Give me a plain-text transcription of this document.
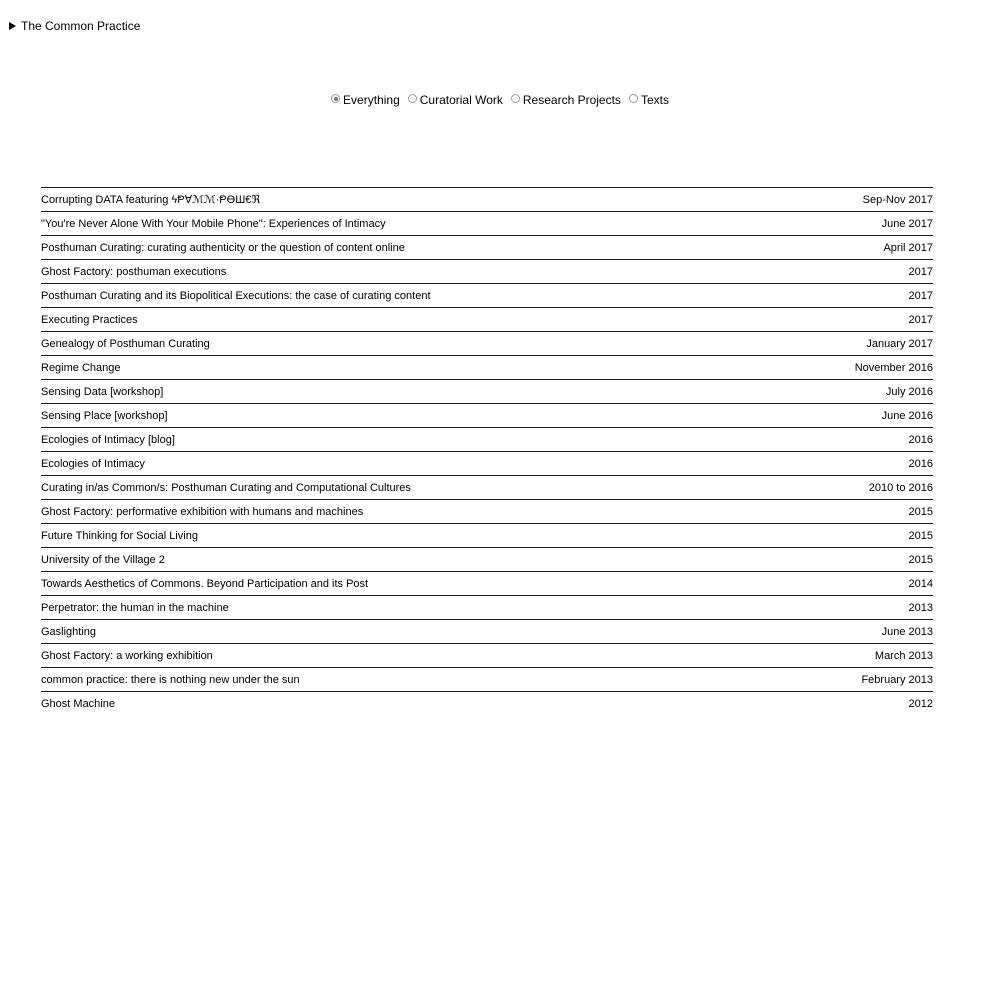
The Common Practice
Everything Curatorial Work Research Projects Texts
Corrupting DATA featuring ϟⱣⱯℳℳ·ⱣϴШ€ℜ	Sep-Nov 2017
"You're Never Alone With Your Mobile Phone": Experiences of Intimacy	June 2017
Posthuman Curating: curating authenticity or the question of content online	April 2017
Ghost Factory: posthuman executions	2017
Posthuman Curating and its Biopolitical Executions: the case of curating content	2017
Executing Practices	2017
Genealogy of Posthuman Curating	January 2017
Regime Change	November 2016
Sensing Data [workshop]	July 2016
Sensing Place [workshop]	June 2016
Ecologies of Intimacy [blog]	2016
Ecologies of Intimacy	2016
Curating in/as Common/s: Posthuman Curating and Computational Cultures	2010 to 2016
Ghost Factory: performative exhibition with humans and machines	2015
Future Thinking for Social Living	2015
University of the Village 2	2015
Towards Aesthetics of Commons. Beyond Participation and its Post	2014
Perpetrator: the human in the machine	2013
Gaslighting	June 2013
Ghost Factory: a working exhibition	March 2013
common practice: there is nothing new under the sun	February 2013
Ghost Machine	2012
